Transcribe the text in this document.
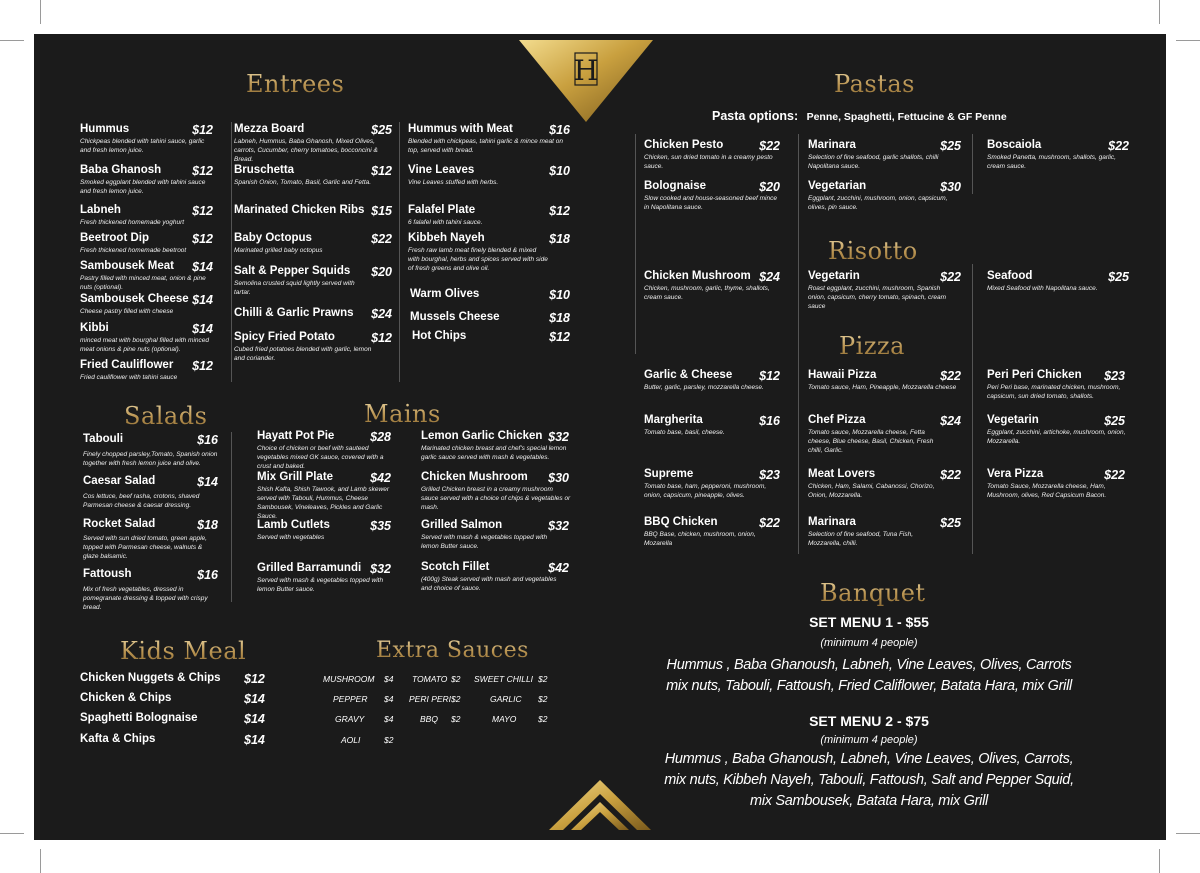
H
Entrees
Hummus	$12
Chickpeas blended with tahini sauce, garlic and fresh lemon juice.
Baba Ghanosh $12
Smoked eggplant blended with tahini sauce and fresh lemon juice.
Labneh	$12
Fresh thickened homemade yoghurt
Beetroot Dip	$12
Fresh thickened homemade beetroot
Sambousek Meat $14
Pastry filled with minced meat, onion & pine nuts (optional).
Sambousek Cheese $14
Cheese pastry filled with cheese
Kibbi	$14
minced meat with bourghal filled with minced meat onions & pine nuts (optional).
Fried Cauliflower $12
Fried cauliflower with tahini sauce
Mezza Board	$25
Labneh, Hummus, Baba Ghanosh, Mixed Olives, carrots, Cucumber, cherry tomatoes, bocconcini & Bread.
Bruschetta	$12
Spanish Onion, Tomato, Basil, Garlic and Fetta.
Marinated Chicken Ribs $15
Baby Octopus	$22
Marinated grilled baby octopus
Salt & Pepper Squids $20
Semolina crusted squid lightly served with tartar.
Chilli & Garlic Prawns $24
Spicy Fried Potato	$12
Cubed fried potatoes blended with garlic, lemon and coriander.
Hummus with Meat	$16
Blended with chickpeas, tahini garlic & mince meat on top, served with bread.
Vine Leaves	$10
Vine Leaves stuffed with herbs.
Falafel Plate	$12
6 falafel with tahini sauce.
Kibbeh Nayeh	$18
Fresh raw lamb meat finely blended & mixed with bourghal, herbs and spices served with side of fresh greens and olive oil.
Warm Olives	$10
Mussels Cheese	$18
Hot Chips	$12
Salads
Tabouli	$16
Finely chopped parsley,Tomato, Spanish onion together with fresh lemon juice and olive.
Caesar Salad	$14
Cos lettuce, beef rasha, crotons, shaved Parmesan cheese & caesar dressing.
Rocket Salad	$18
Served with sun dried tomato, green apple, topped with Parmesan cheese, walnuts & glaze balsamic.
Fattoush	$16
Mix of fresh vegetables, dressed in pomegranate dressing & topped with crispy bread.
Mains
Hayatt Pot Pie	$28
Choice of chicken or beef with sauteed vegetables mixed GK sauce, covered with a crust and baked.
Mix Grill Plate	$42
Shish Kafta, Shish Tawook, and Lamb skewer served with Tabouli, Hummus, Cheese Sambousek, Vineleaves, Pickles and Garlic Sauce.
Lamb Cutlets	$35
Served with vegetables
Grilled Barramundi $32
Served with mash & vegetables topped with lemon Butter sauce.
Lemon Garlic Chicken $32
Marinated chicken breast and chef's special lemon garlic sauce served with mash & vegetables.
Chicken Mushroom $30
Grilled Chicken breast in a creamy mushroom sauce served with a choice of chips & vegetables or mash.
Grilled Salmon	$32
Served with mash & vegetables topped with lemon Butter sauce.
Scotch Fillet	$42
(400g) Steak served with mash and vegetables and choice of sauce.
Kids Meal
Chicken Nuggets & Chips $12
Chicken & Chips	$14
Spaghetti Bolognaise	$14
Kafta & Chips	$14
Extra Sauces
MUSHROOM $4
PEPPER $4
GRAVY $4
AOLI	$2
TOMATO $2
PERI PERI $2
BBQ $2
SWEET CHILLI $2
GARLIC $2
MAYO	$2
Pastas
Pasta options: Penne, Spaghetti, Fettucine & GF Penne
Chicken Pesto	$22
Chicken, sun dried tomato in a creamy pesto sauce.
Bolognaise	$20
Slow cooked and house-seasoned beef mince in Napolitana sauce.
Marinara	$25
Selection of fine seafood, garlic shallots, chilli Napolitana sauce.
Vegetarian	$30
Eggplant, zucchini, mushroom, onion, capsicum, olives, pin sauce.
Boscaiola	$22
Smoked Panetta, mushroom, shallots, garlic, cream sauce.
Risotto
Chicken Mushroom $24
Chicken, mushroom, garlic, thyme, shallots, cream sauce.
Vegetarin	$22
Roast eggplant, zucchini, mushroom, Spanish onion, capsicum, cherry tomato, spinach, cream sauce
Seafood	$25
Mixed Seafood with Napolitana sauce.
Pizza
Garlic & Cheese $12
Butter, garlic, parsley, mozzarella cheese.
Margherita	$16
Tomato base, basil, cheese.
Supreme	$23
Tomato base, ham, pepperoni, mushroom, onion, capsicum, pineapple, olives.
BBQ Chicken	$22
BBQ Base, chicken, mushroom, onion, Mozarella
Hawaii Pizza	$22
Tomato sauce, Ham, Pineapple, Mozzarella cheese
Chef Pizza	$24
Tomato sauce, Mozzarella cheese, Fetta cheese, Blue cheese, Basil, Chicken, Fresh chilli, Garlic.
Meat Lovers	$22
Chicken, Ham, Salami, Cabanossi, Chorizo, Onion, Mozzarella.
Marinara	$25
Selection of fine seafood, Tuna Fish, Mozzarella, chilli.
Peri Peri Chicken $23
Peri Peri base, marinated chicken, mushroom, capsicum, sun dried tomato, shallots.
Vegetarin	$25
Eggplant, zucchini, artichoke, mushroom, onion, Mozzarella.
Vera Pizza	$22
Tomato Sauce, Mozzarella cheese, Ham, Mushroom, olives, Red Capsicum Bacon.
Banquet
SET MENU 1 - $55
(minimum 4 people)
Hummus , Baba Ghanoush, Labneh, Vine Leaves, Olives, Carrots
mix nuts, Tabouli, Fattoush, Fried Califlower, Batata Hara, mix Grill
SET MENU 2 - $75
(minimum 4 people)
Hummus , Baba Ghanoush, Labneh, Vine Leaves, Olives, Carrots,
mix nuts, Kibbeh Nayeh, Tabouli, Fattoush, Salt and Pepper Squid,
mix Sambousek, Batata Hara, mix Grill
